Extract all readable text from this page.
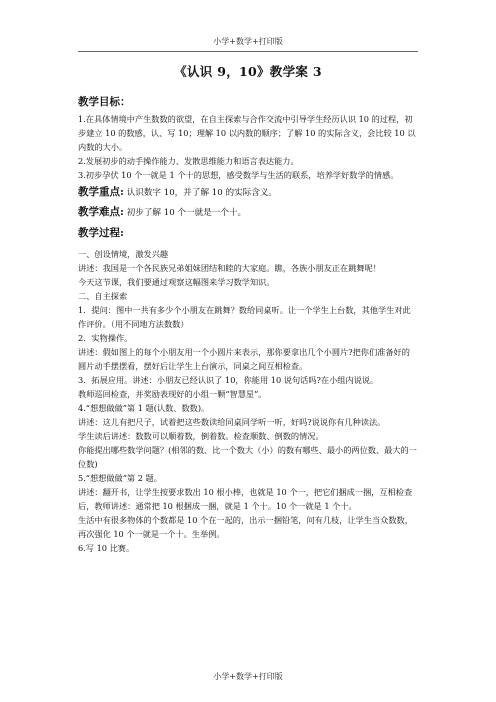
小学+数学+打印版
《认识 9，10》教学案 3
教学目标：

1.在具体情境中产生数数的欲望，在自主探索与合作交流中引导学生经历认识 10 的过程，初步建立 10 的数感，认、写 10；理解 10 以内数的顺序；了解 10 的实际含义，会比较 10 以内数的大小。

2.发展初步的动手操作能力、发散思维能力和语言表达能力。

3.初步孕伏 10 个一就是 1 个十的思想，感受数学与生活的联系，培养学好数学的情感。

教学重点: 认识数字 10，并了解 10 的实际含义。
教学难点: 初步了解 10 个一就是一个十。
教学过程:

一、创设情境，激发兴趣

讲述：我国是一个各民族兄弟姐妹团结和睦的大家庭。瞧，各族小朋友正在跳舞呢！

今天这节课，我们要通过观察这幅图来学习数学知识。

二、自主探索

1．提问：图中一共有多少个小朋友在跳舞？数给同桌听。让一个学生上台数，其他学生对此作评价。（用不同地方法数数）

2．实物操作。

讲述：假如图上的每个小朋友用一个小圆片来表示，那你要拿出几个小圆片?把你们准备好的圆片动手摆摆看，摆好后让学生上台演示，同桌之间互相检查。

3．拓展应用。讲述：小朋友已经认识了 10，你能用 10 说句话吗?在小组内说说。

教师巡回检查，并奖励表现好的小组一颗“智慧星”。

4.“想想做做”第 1 题(认数、数数)。

讲述：这儿有把尺子，试着把这些数读给同桌同学听一听，好吗?说说你有几种读法。

学生读后讲述：数数可以顺着数，倒着数。检查顺数、倒数的情况。

你能提出哪些数学问题？(相邻的数、比一个数大（小）的数有哪些、最小的两位数、最大的一位数)

5.“想想做做”第 2 题。

讲述：翻开书，让学生按要求数出 10 根小棒，也就是 10 个一，把它们捆成一捆，互相检查后，教师讲述：通常把 10 根捆成一捆，就是 1 个十。10 个一就是 1 个十。

生活中有很多物体的个数都是 10 个在一起的，出示一捆铅笔，问有几枝，让学生当众数数，再次强化 10 个一就是一个十。生举例。

6.写 10 比赛。

小学+数学+打印版
